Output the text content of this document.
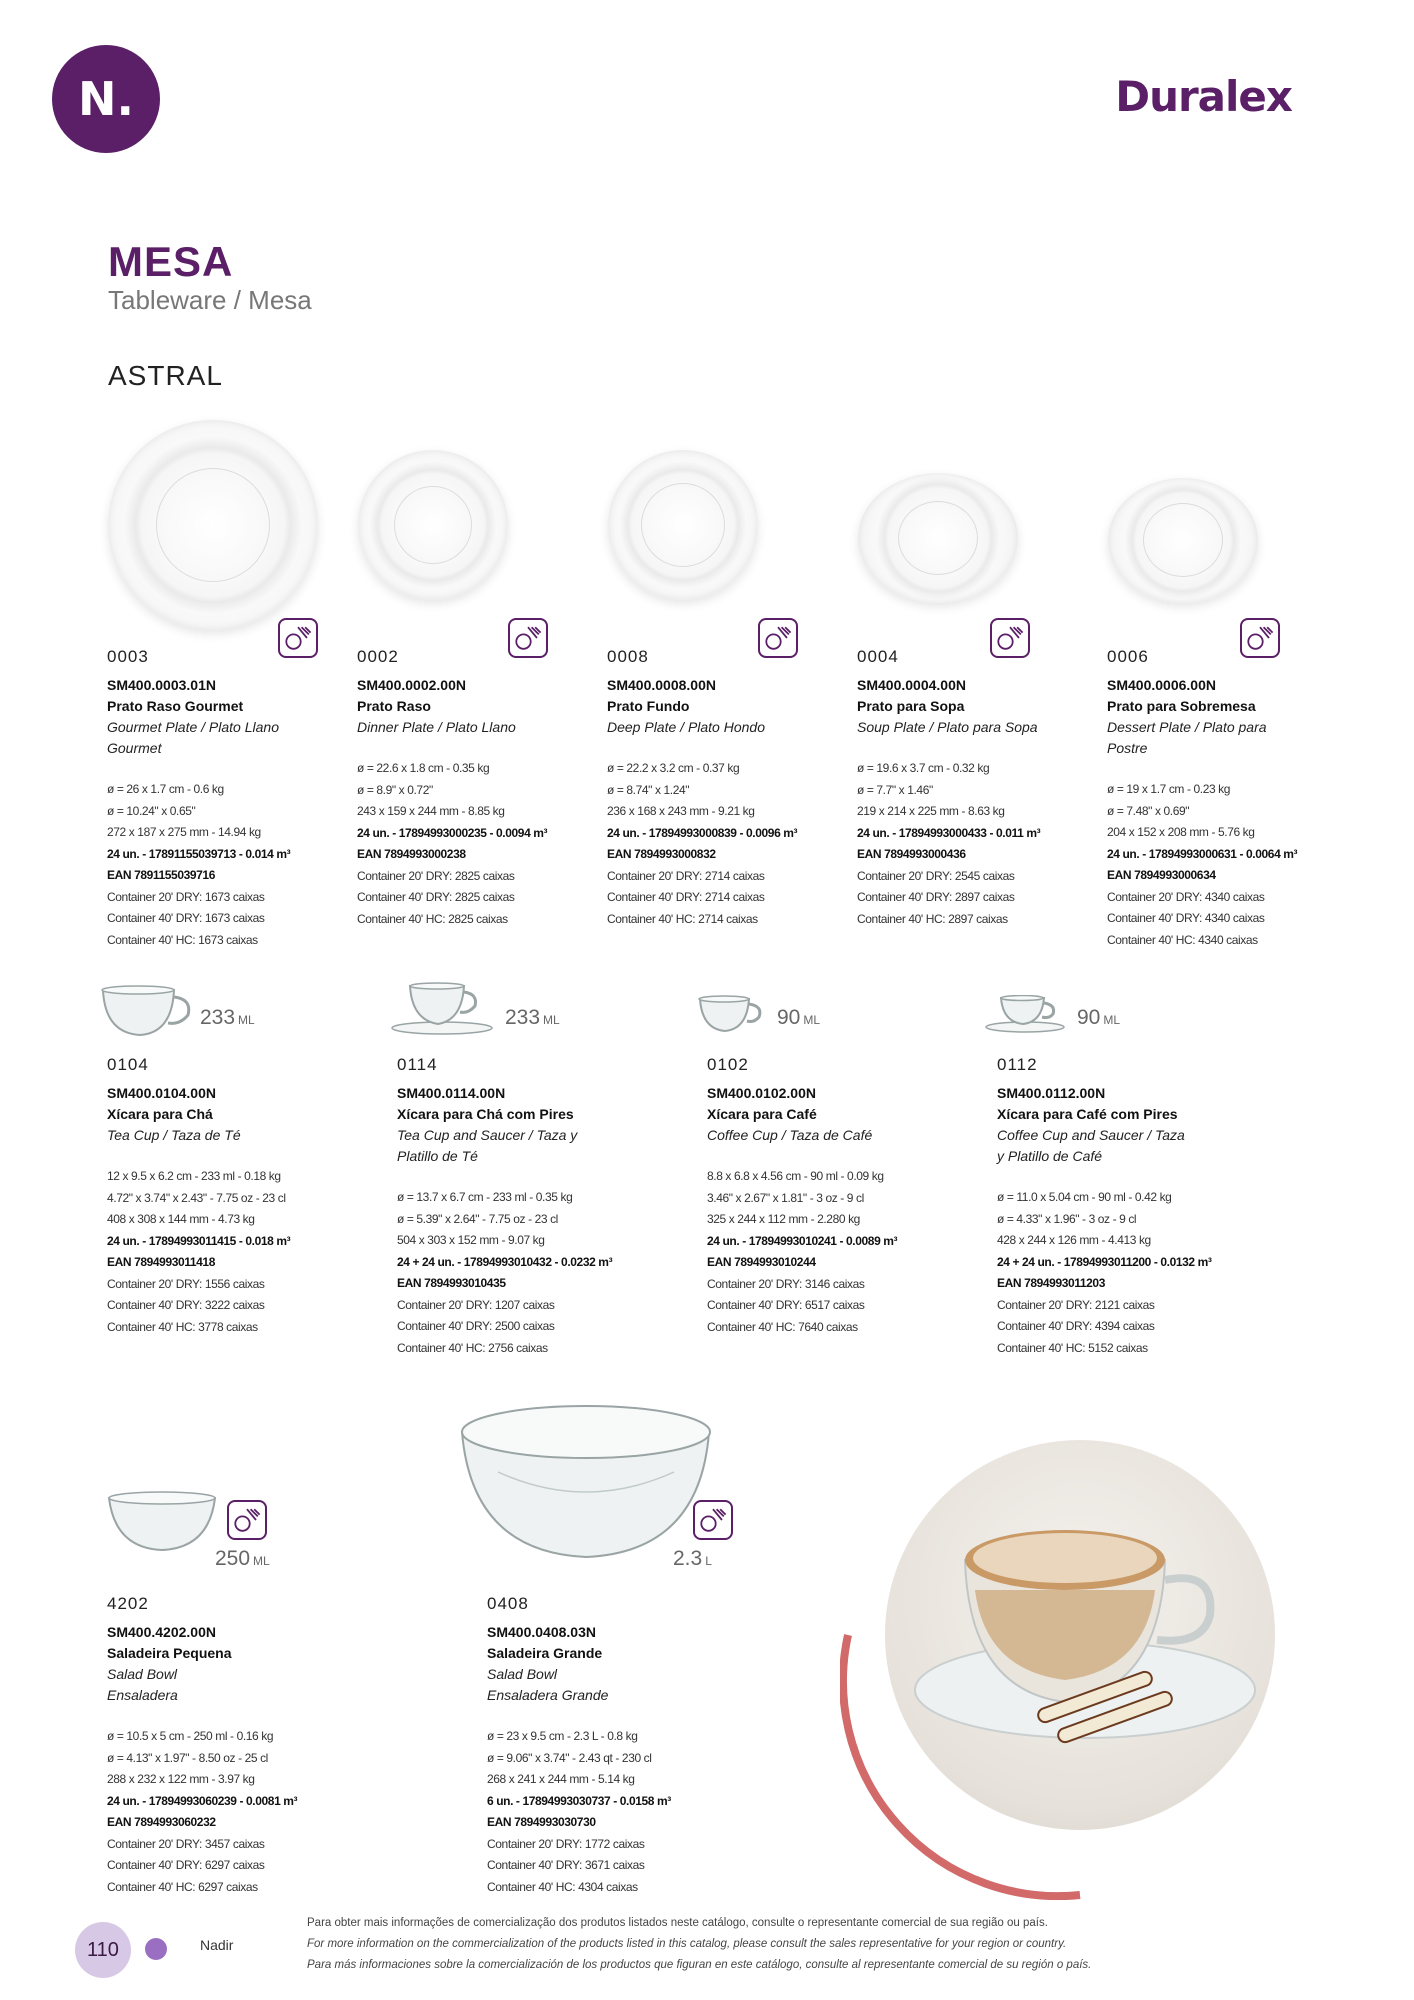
N.	Duralex
MESA
Tableware / Mesa
ASTRAL
0003
SM400.0003.01N
Prato Raso Gourmet
Gourmet Plate / Plato Llano
Gourmet
ø = 26 x 1.7 cm - 0.6 kg
ø = 10.24" x 0.65"
272 x 187 x 275 mm - 14.94 kg
24 un. - 17891155039713 - 0.014 m³
EAN 7891155039716
Container 20' DRY: 1673 caixas
Container 40' DRY: 1673 caixas
Container 40' HC: 1673 caixas
0002
SM400.0002.00N
Prato Raso
Dinner Plate / Plato Llano
ø = 22.6 x 1.8 cm - 0.35 kg
ø = 8.9" x 0.72"
243 x 159 x 244 mm - 8.85 kg
24 un. - 17894993000235 - 0.0094 m³
EAN 7894993000238
Container 20' DRY: 2825 caixas
Container 40' DRY: 2825 caixas
Container 40' HC: 2825 caixas
0008
SM400.0008.00N
Prato Fundo
Deep Plate / Plato Hondo
ø = 22.2 x 3.2 cm - 0.37 kg
ø = 8.74" x 1.24"
236 x 168 x 243 mm - 9.21 kg
24 un. - 17894993000839 - 0.0096 m³
EAN 7894993000832
Container 20' DRY: 2714 caixas
Container 40' DRY: 2714 caixas
Container 40' HC: 2714 caixas
0004
SM400.0004.00N
Prato para Sopa
Soup Plate / Plato para Sopa
ø = 19.6 x 3.7 cm - 0.32 kg
ø = 7.7" x 1.46"
219 x 214 x 225 mm - 8.63 kg
24 un. - 17894993000433 - 0.011 m³
EAN 7894993000436
Container 20' DRY: 2545 caixas
Container 40' DRY: 2897 caixas
Container 40' HC: 2897 caixas
0006
SM400.0006.00N
Prato para Sobremesa
Dessert Plate / Plato para
Postre
ø = 19 x 1.7 cm - 0.23 kg
ø = 7.48" x 0.69"
204 x 152 x 208 mm - 5.76 kg
24 un. - 17894993000631 - 0.0064 m³
EAN 7894993000634
Container 20' DRY: 4340 caixas
Container 40' DRY: 4340 caixas
Container 40' HC: 4340 caixas
233 ML	233 ML	90 ML	90 ML
0104
SM400.0104.00N
Xícara para Chá
Tea Cup / Taza de Té
12 x 9.5 x 6.2 cm - 233 ml - 0.18 kg
4.72" x 3.74" x 2.43" - 7.75 oz - 23 cl
408 x 308 x 144 mm - 4.73 kg
24 un. - 17894993011415 - 0.018 m³
EAN 7894993011418
Container 20' DRY: 1556 caixas
Container 40' DRY: 3222 caixas
Container 40' HC: 3778 caixas
0114
SM400.0114.00N
Xícara para Chá com Pires
Tea Cup and Saucer / Taza y
Platillo de Té
ø = 13.7 x 6.7 cm - 233 ml - 0.35 kg
ø = 5.39" x 2.64" - 7.75 oz - 23 cl
504 x 303 x 152 mm - 9.07 kg
24 + 24 un. - 17894993010432 - 0.0232 m³
EAN 7894993010435
Container 20' DRY: 1207 caixas
Container 40' DRY: 2500 caixas
Container 40' HC: 2756 caixas
0102
SM400.0102.00N
Xícara para Café
Coffee Cup / Taza de Café
8.8 x 6.8 x 4.56 cm - 90 ml - 0.09 kg
3.46" x 2.67" x 1.81" - 3 oz - 9 cl
325 x 244 x 112 mm - 2.280 kg
24 un. - 17894993010241 - 0.0089 m³
EAN 7894993010244
Container 20' DRY: 3146 caixas
Container 40' DRY: 6517 caixas
Container 40' HC: 7640 caixas
0112
SM400.0112.00N
Xícara para Café com Pires
Coffee Cup and Saucer / Taza
y Platillo de Café
ø = 11.0 x 5.04 cm - 90 ml - 0.42 kg
ø = 4.33" x 1.96" - 3 oz - 9 cl
428 x 244 x 126 mm - 4.413 kg
24 + 24 un. - 17894993011200 - 0.0132 m³
EAN 7894993011203
Container 20' DRY: 2121 caixas
Container 40' DRY: 4394 caixas
Container 40' HC: 5152 caixas
250 ML	2.3 L
4202
SM400.4202.00N
Saladeira Pequena
Salad Bowl
Ensaladera
ø = 10.5 x 5 cm - 250 ml - 0.16 kg
ø = 4.13" x 1.97" - 8.50 oz - 25 cl
288 x 232 x 122 mm - 3.97 kg
24 un. - 17894993060239 - 0.0081 m³
EAN 7894993060232
Container 20' DRY: 3457 caixas
Container 40' DRY: 6297 caixas
Container 40' HC: 6297 caixas
0408
SM400.0408.03N
Saladeira Grande
Salad Bowl
Ensaladera Grande
ø = 23 x 9.5 cm - 2.3 L - 0.8 kg
ø = 9.06" x 3.74" - 2.43 qt - 230 cl
268 x 241 x 244 mm - 5.14 kg
6 un. - 17894993030737 - 0.0158 m³
EAN 7894993030730
Container 20' DRY: 1772 caixas
Container 40' DRY: 3671 caixas
Container 40' HC: 4304 caixas
110	Nadir
Para obter mais informações de comercialização dos produtos listados neste catálogo, consulte o representante comercial de sua região ou país.
For more information on the commercialization of the products listed in this catalog, please consult the sales representative for your region or country.
Para más informaciones sobre la comercialización de los productos que figuran en este catálogo, consulte al representante comercial de su región o país.
